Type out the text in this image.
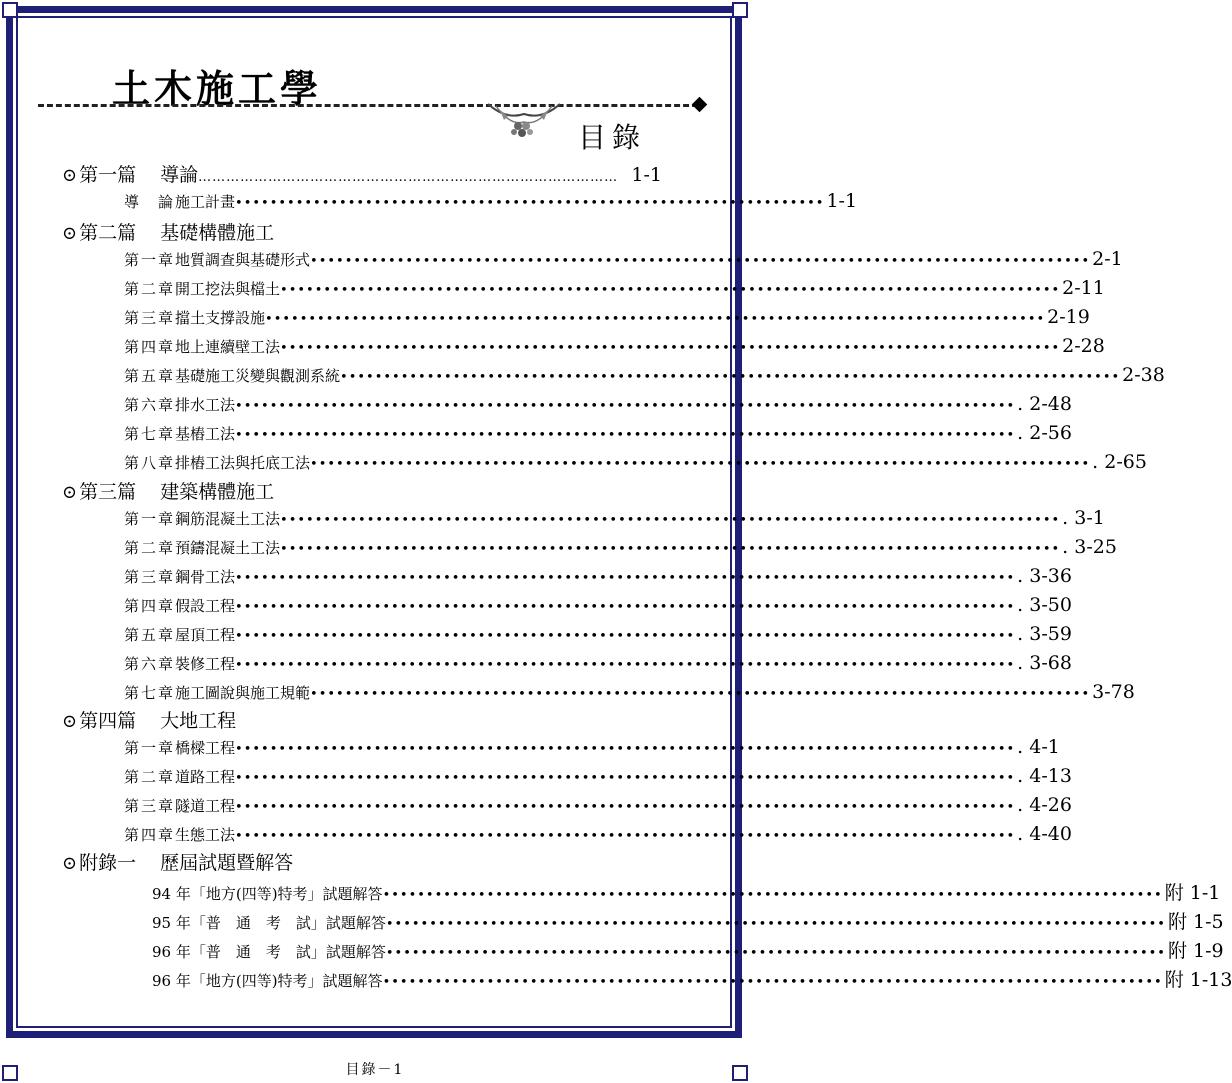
土木施工學
目錄
⊙ 第一篇 導論 ……………………………………………………………………………… 1-1
導　論 施工計畫 •••••••••••••••••••••••••••••••••••••••••••••••••••••••••••••••••••• 1-1
⊙ 第二篇 基礎構體施工
第一章 地質調查與基礎形式 •••••••••••••••••••••••••••••••••••••••••••••••••••••••••••••••••••••••••••••••••••••••••• 2-1
第二章 開工挖法與檔土 •••••••••••••••••••••••••••••••••••••••••••••••••••••••••••••••••••••••••••••••••••••••••• 2-11
第三章 擋土支撐設施 •••••••••••••••••••••••••••••••••••••••••••••••••••••••••••••••••••••••••••••••••••••••••• 2-19
第四章 地上連續壁工法 •••••••••••••••••••••••••••••••••••••••••••••••••••••••••••••••••••••••••••••••••••••••••• 2-28
第五章 基礎施工災變與觀測系統 •••••••••••••••••••••••••••••••••••••••••••••••••••••••••••••••••••••••••••••••••••••••••• 2-38
第六章 排水工法 •••••••••••••••••••••••••••••••••••••••••••••••••••••••••••••••••••••••••••••••••••••••••• . 2-48
第七章 基樁工法 •••••••••••••••••••••••••••••••••••••••••••••••••••••••••••••••••••••••••••••••••••••••••• . 2-56
第八章 排樁工法與托底工法 •••••••••••••••••••••••••••••••••••••••••••••••••••••••••••••••••••••••••••••••••••••••••• . 2-65
⊙ 第三篇 建築構體施工
第一章 鋼筋混凝土工法 •••••••••••••••••••••••••••••••••••••••••••••••••••••••••••••••••••••••••••••••••••••••••• . 3-1
第二章 預鑄混凝土工法 •••••••••••••••••••••••••••••••••••••••••••••••••••••••••••••••••••••••••••••••••••••••••• . 3-25
第三章 鋼骨工法 •••••••••••••••••••••••••••••••••••••••••••••••••••••••••••••••••••••••••••••••••••••••••• . 3-36
第四章 假設工程 •••••••••••••••••••••••••••••••••••••••••••••••••••••••••••••••••••••••••••••••••••••••••• . 3-50
第五章 屋頂工程 •••••••••••••••••••••••••••••••••••••••••••••••••••••••••••••••••••••••••••••••••••••••••• . 3-59
第六章 裝修工程 •••••••••••••••••••••••••••••••••••••••••••••••••••••••••••••••••••••••••••••••••••••••••• . 3-68
第七章 施工圖說與施工規範 •••••••••••••••••••••••••••••••••••••••••••••••••••••••••••••••••••••••••••••••••••••••••• 3-78
⊙ 第四篇 大地工程
第一章 橋樑工程 •••••••••••••••••••••••••••••••••••••••••••••••••••••••••••••••••••••••••••••••••••••••••• . 4-1
第二章 道路工程 •••••••••••••••••••••••••••••••••••••••••••••••••••••••••••••••••••••••••••••••••••••••••• . 4-13
第三章 隧道工程 •••••••••••••••••••••••••••••••••••••••••••••••••••••••••••••••••••••••••••••••••••••••••• . 4-26
第四章 生態工法 •••••••••••••••••••••••••••••••••••••••••••••••••••••••••••••••••••••••••••••••••••••••••• . 4-40
⊙ 附錄一 歷屆試題暨解答
94 年「地方(四等)特考」試題解答 •••••••••••••••••••••••••••••••••••••••••••••••••••••••••••••••••••••••••••••••••••••••••• 附 1-1
95 年「普　通　考　試」試題解答 •••••••••••••••••••••••••••••••••••••••••••••••••••••••••••••••••••••••••••••••••••••••••• 附 1-5
96 年「普　通　考　試」試題解答 •••••••••••••••••••••••••••••••••••••••••••••••••••••••••••••••••••••••••••••••••••••••••• 附 1-9
96 年「地方(四等)特考」試題解答 •••••••••••••••••••••••••••••••••••••••••••••••••••••••••••••••••••••••••••••••••••••••••• 附 1-13
目錄－1
